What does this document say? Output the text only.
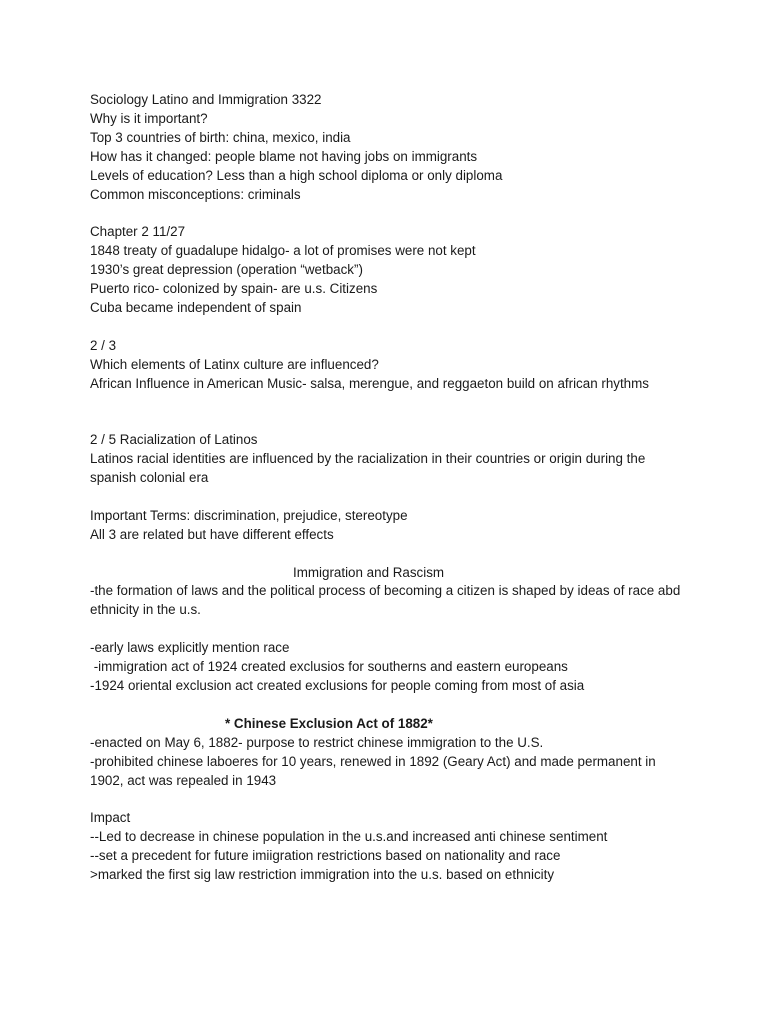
Sociology Latino and Immigration 3322
Why is it important?
Top 3 countries of birth: china, mexico, india
How has it changed: people blame not having jobs on immigrants
Levels of education? Less than a high school diploma or only diploma
Common misconceptions: criminals
Chapter 2 11/27
1848 treaty of guadalupe hidalgo- a lot of promises were not kept
1930’s great depression (operation “wetback”)
Puerto rico- colonized by spain- are u.s. Citizens
Cuba became independent of spain
2 / 3
Which elements of Latinx culture are influenced?
African Influence in American Music- salsa, merengue, and reggaeton build on african rhythms
2 / 5 Racialization of Latinos
Latinos racial identities are influenced by the racialization in their countries or origin during the spanish colonial era
Important Terms: discrimination, prejudice, stereotype
All 3 are related but have different effects
Immigration and Rascism
-the formation of laws and the political process of becoming a citizen is shaped by ideas of race abd ethnicity in the u.s.
-early laws explicitly mention race
-immigration act of 1924 created exclusios for southerns and eastern europeans
-1924 oriental exclusion act created exclusions for people coming from most of asia
* Chinese Exclusion Act of 1882*
-enacted on May 6, 1882- purpose to restrict chinese immigration to the U.S.
-prohibited chinese laboeres for 10 years, renewed in 1892 (Geary Act) and made permanent in 1902, act was repealed in 1943
Impact
--Led to decrease in chinese population in the u.s.and increased anti chinese sentiment
--set a precedent for future imiigration restrictions based on nationality and race
>marked the first sig law restriction immigration into the u.s. based on ethnicity
